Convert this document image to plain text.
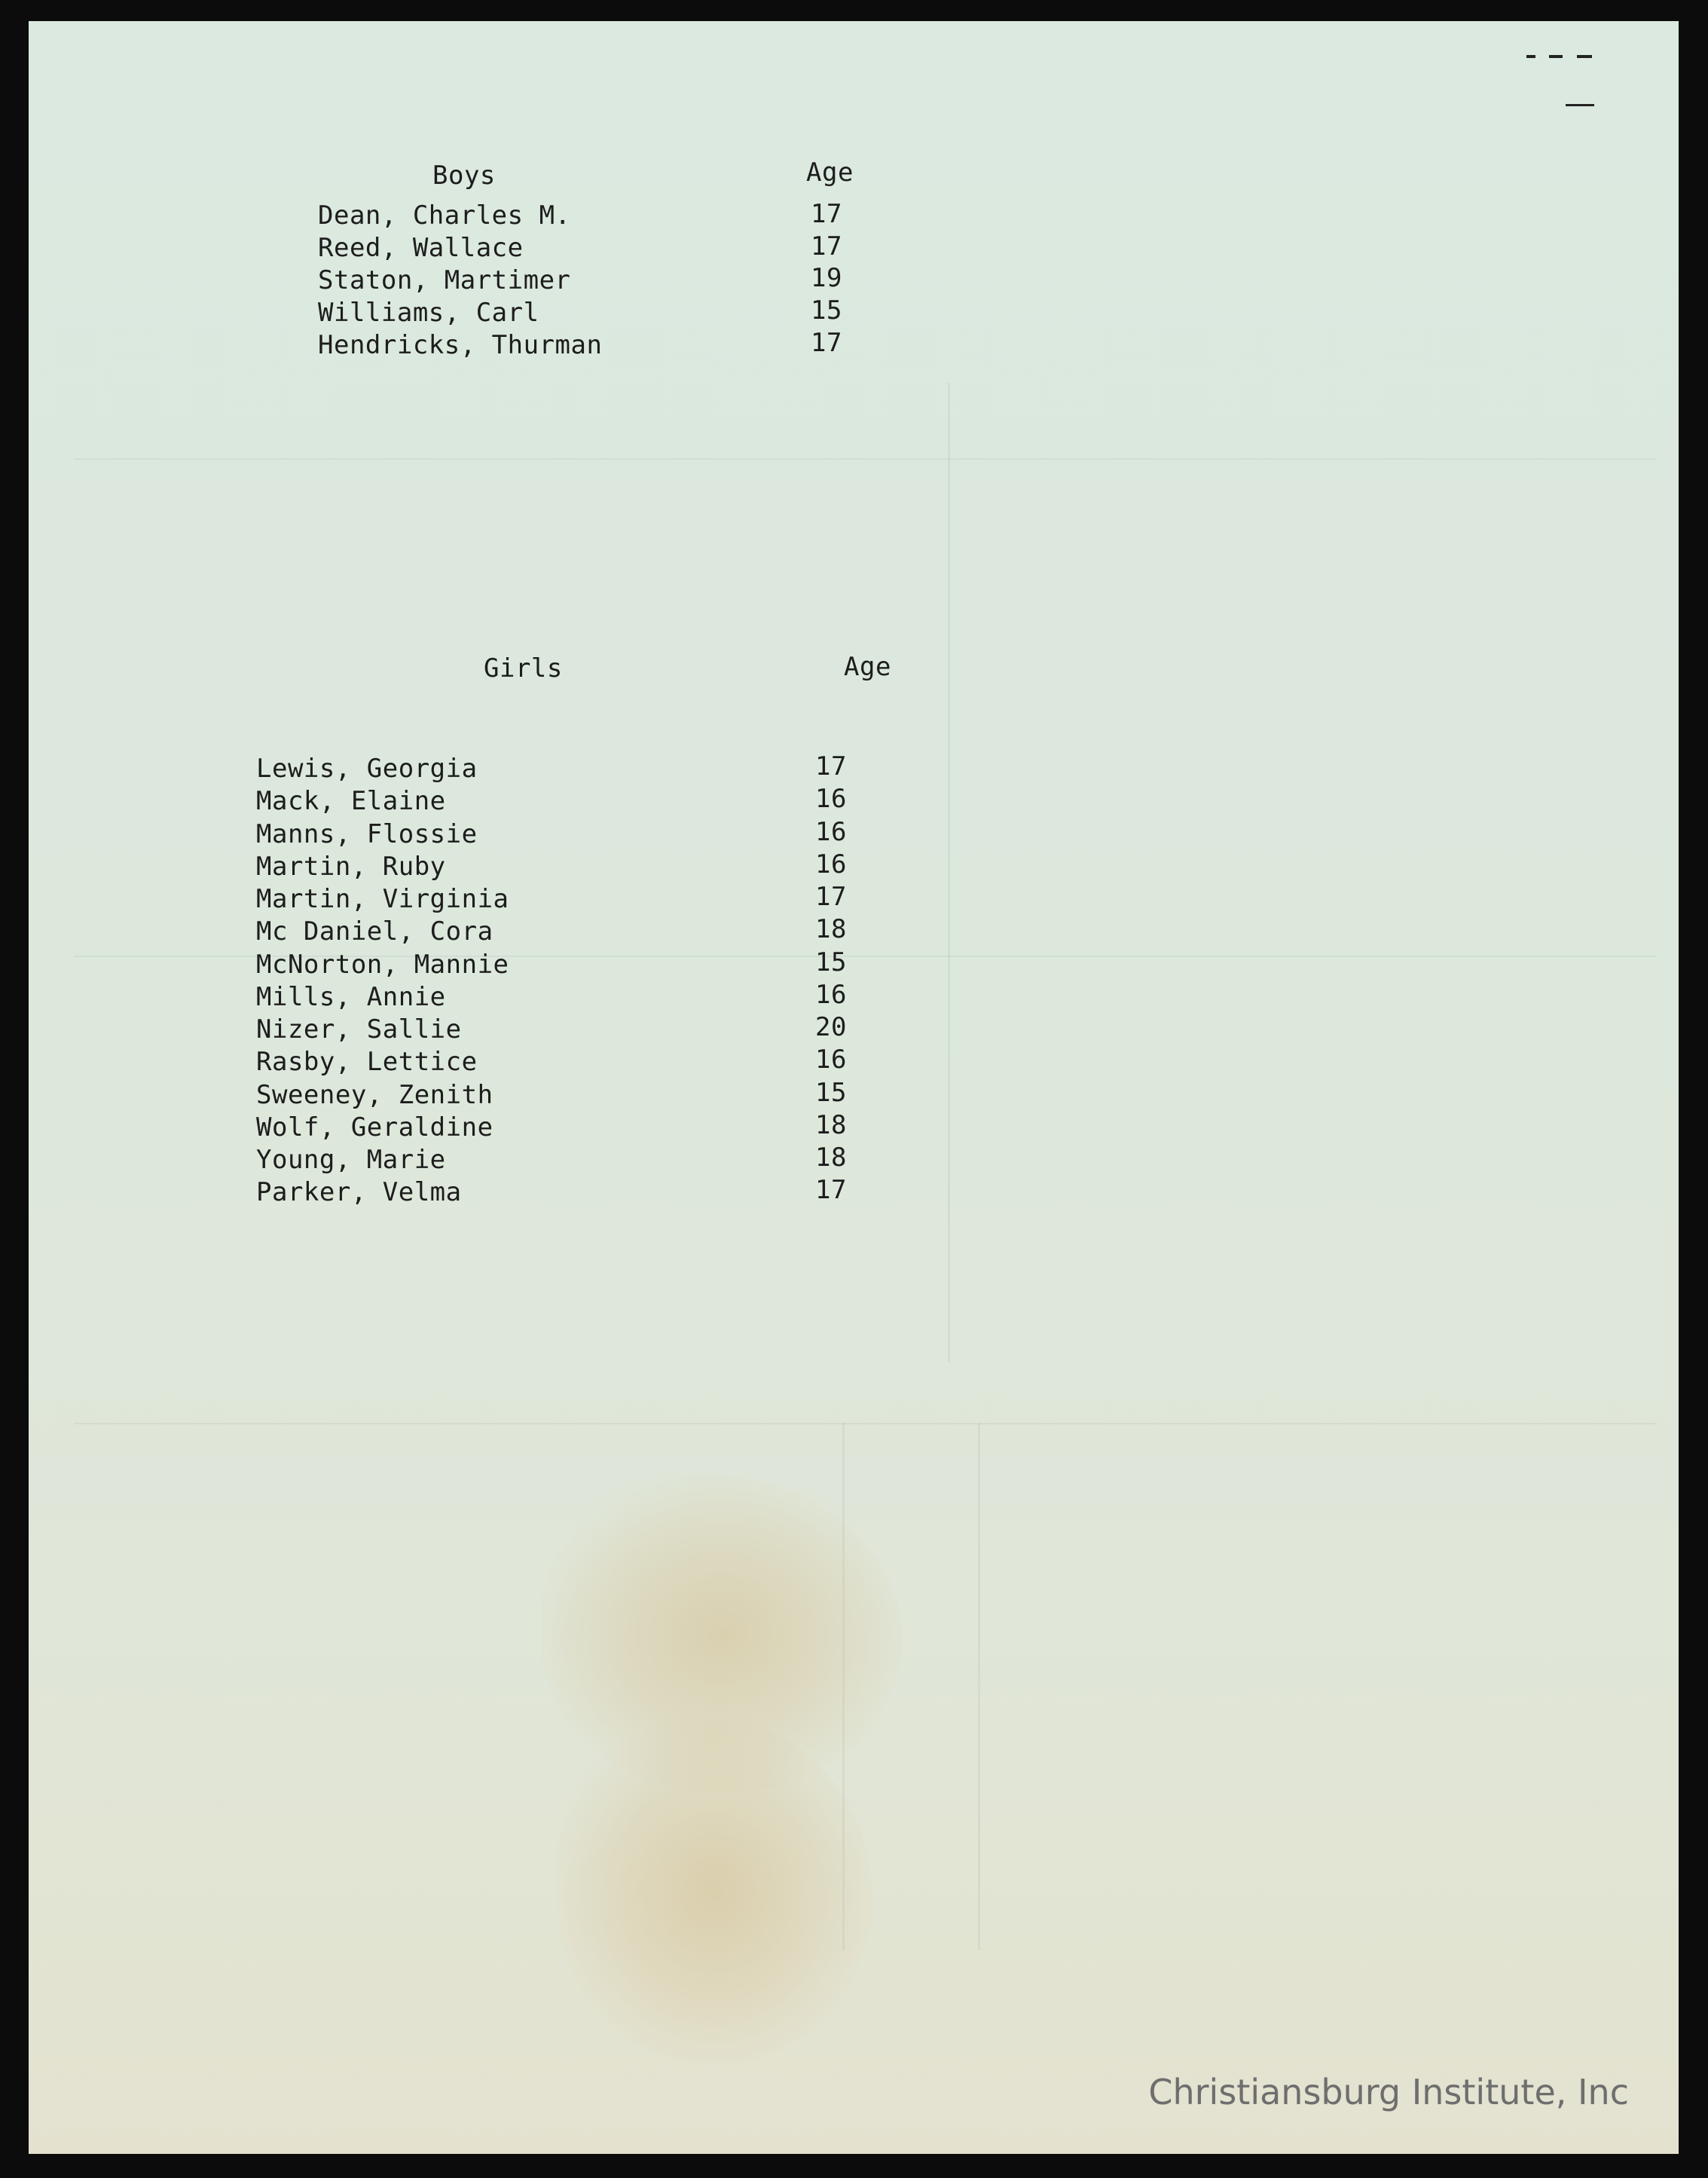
Boys	Age
Dean, Charles M.	17
Reed, Wallace	17
Staton, Martimer	19
Williams, Carl	15
Hendricks, Thurman	17
Girls	Age
Lewis, Georgia	17
Mack, Elaine	16
Manns, Flossie	16
Martin, Ruby	16
Martin, Virginia	17
Mc Daniel, Cora	18
McNorton, Mannie	15
Mills, Annie	16
Nizer, Sallie	20
Rasby, Lettice	16
Sweeney, Zenith	15
Wolf, Geraldine	18
Young, Marie	18
Parker, Velma	17
Christiansburg Institute, Inc
